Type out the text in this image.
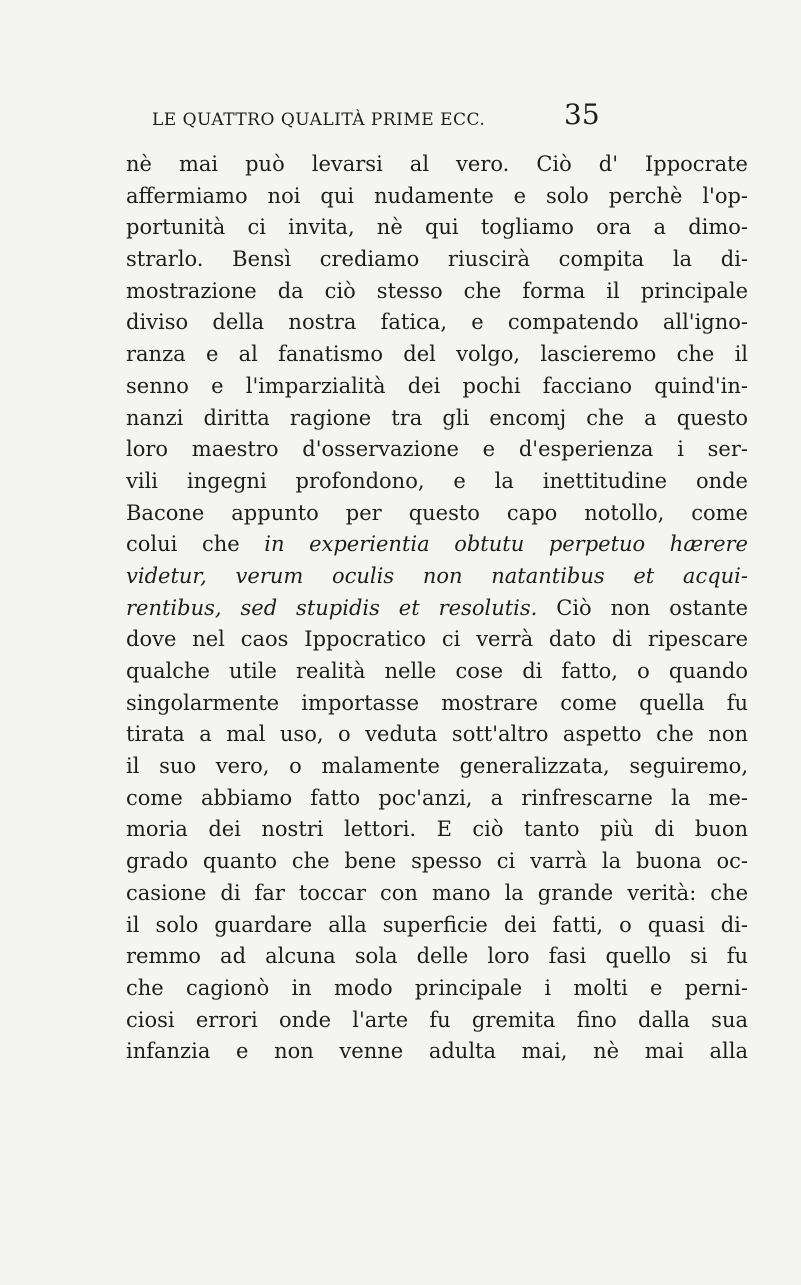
LE QUATTRO QUALITÀ PRIME ECC.	35
nè mai può levarsi al vero. Ciò d' Ippocrate
affermiamo noi qui nudamente e solo perchè l'op-
portunità ci invita, nè qui togliamo ora a dimo-
strarlo. Bensì crediamo riuscirà compita la di-
mostrazione da ciò stesso che forma il principale
diviso della nostra fatica, e compatendo all'igno-
ranza e al fanatismo del volgo, lascieremo che il
senno e l'imparzialità dei pochi facciano quind'in-
nanzi diritta ragione tra gli encomj che a questo
loro maestro d'osservazione e d'esperienza i ser-
vili ingegni profondono, e la inettitudine onde
Bacone appunto per questo capo notollo, come
colui che in experientia obtutu perpetuo hærere
videtur, verum oculis non natantibus et acqui-
rentibus, sed stupidis et resolutis. Ciò non ostante
dove nel caos Ippocratico ci verrà dato di ripescare
qualche utile realità nelle cose di fatto, o quando
singolarmente importasse mostrare come quella fu
tirata a mal uso, o veduta sott'altro aspetto che non
il suo vero, o malamente generalizzata, seguiremo,
come abbiamo fatto poc'anzi, a rinfrescarne la me-
moria dei nostri lettori. E ciò tanto più di buon
grado quanto che bene spesso ci varrà la buona oc-
casione di far toccar con mano la grande verità: che
il solo guardare alla superficie dei fatti, o quasi di-
remmo ad alcuna sola delle loro fasi quello si fu
che cagionò in modo principale i molti e perni-
ciosi errori onde l'arte fu gremita fino dalla sua
infanzia e non venne adulta mai, nè mai alla
